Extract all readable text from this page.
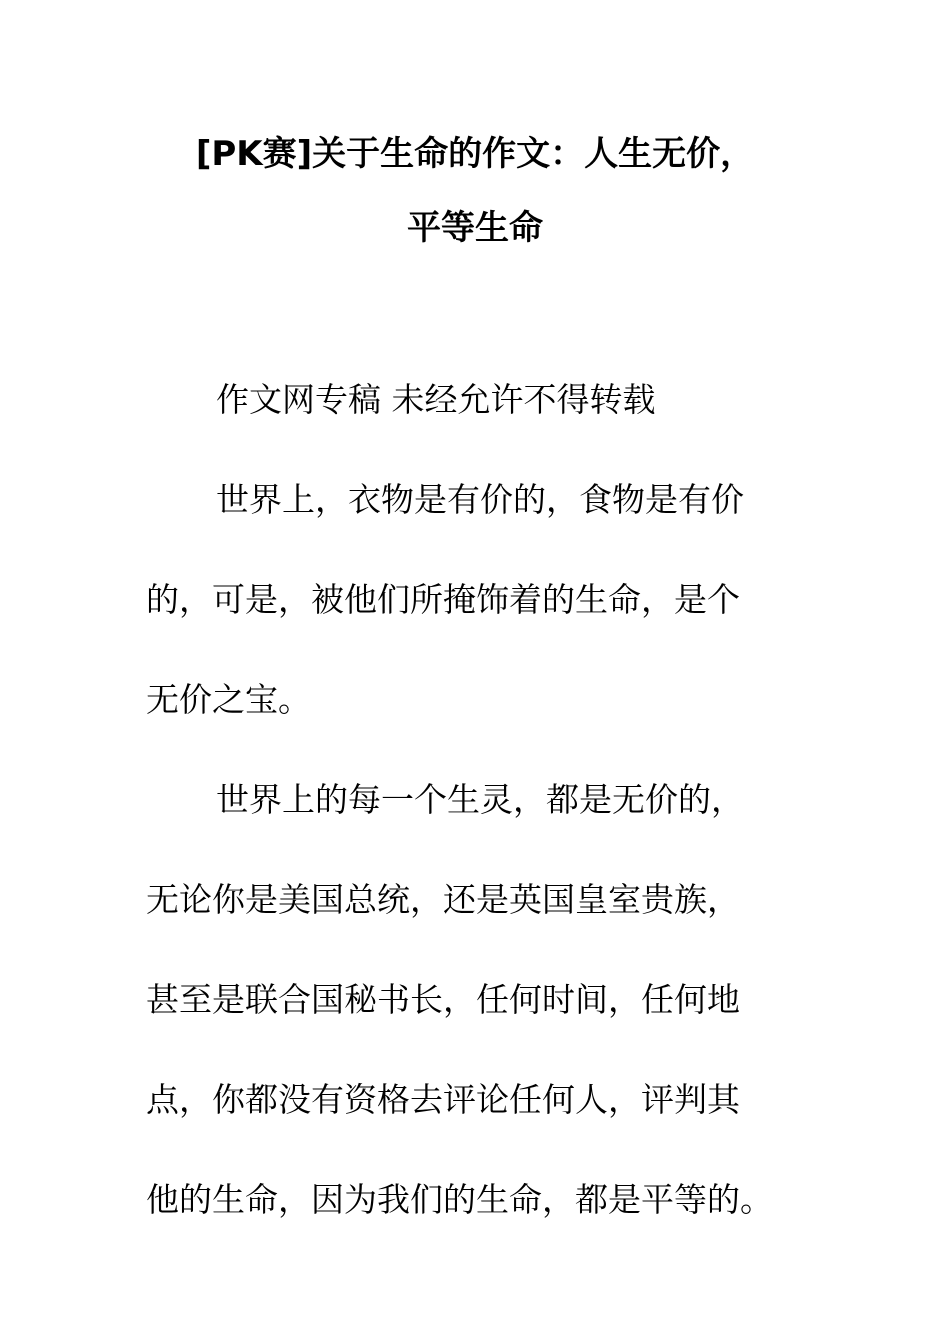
[PK赛]关于生命的作文：人生无价，
平等生命
作文网专稿 未经允许不得转载
世界上，衣物是有价的，食物是有价
的，可是，被他们所掩饰着的生命，是个
无价之宝。
世界上的每一个生灵，都是无价的，
无论你是美国总统，还是英国皇室贵族，
甚至是联合国秘书长，任何时间，任何地
点，你都没有资格去评论任何人，评判其
他的生命，因为我们的生命，都是平等的。
